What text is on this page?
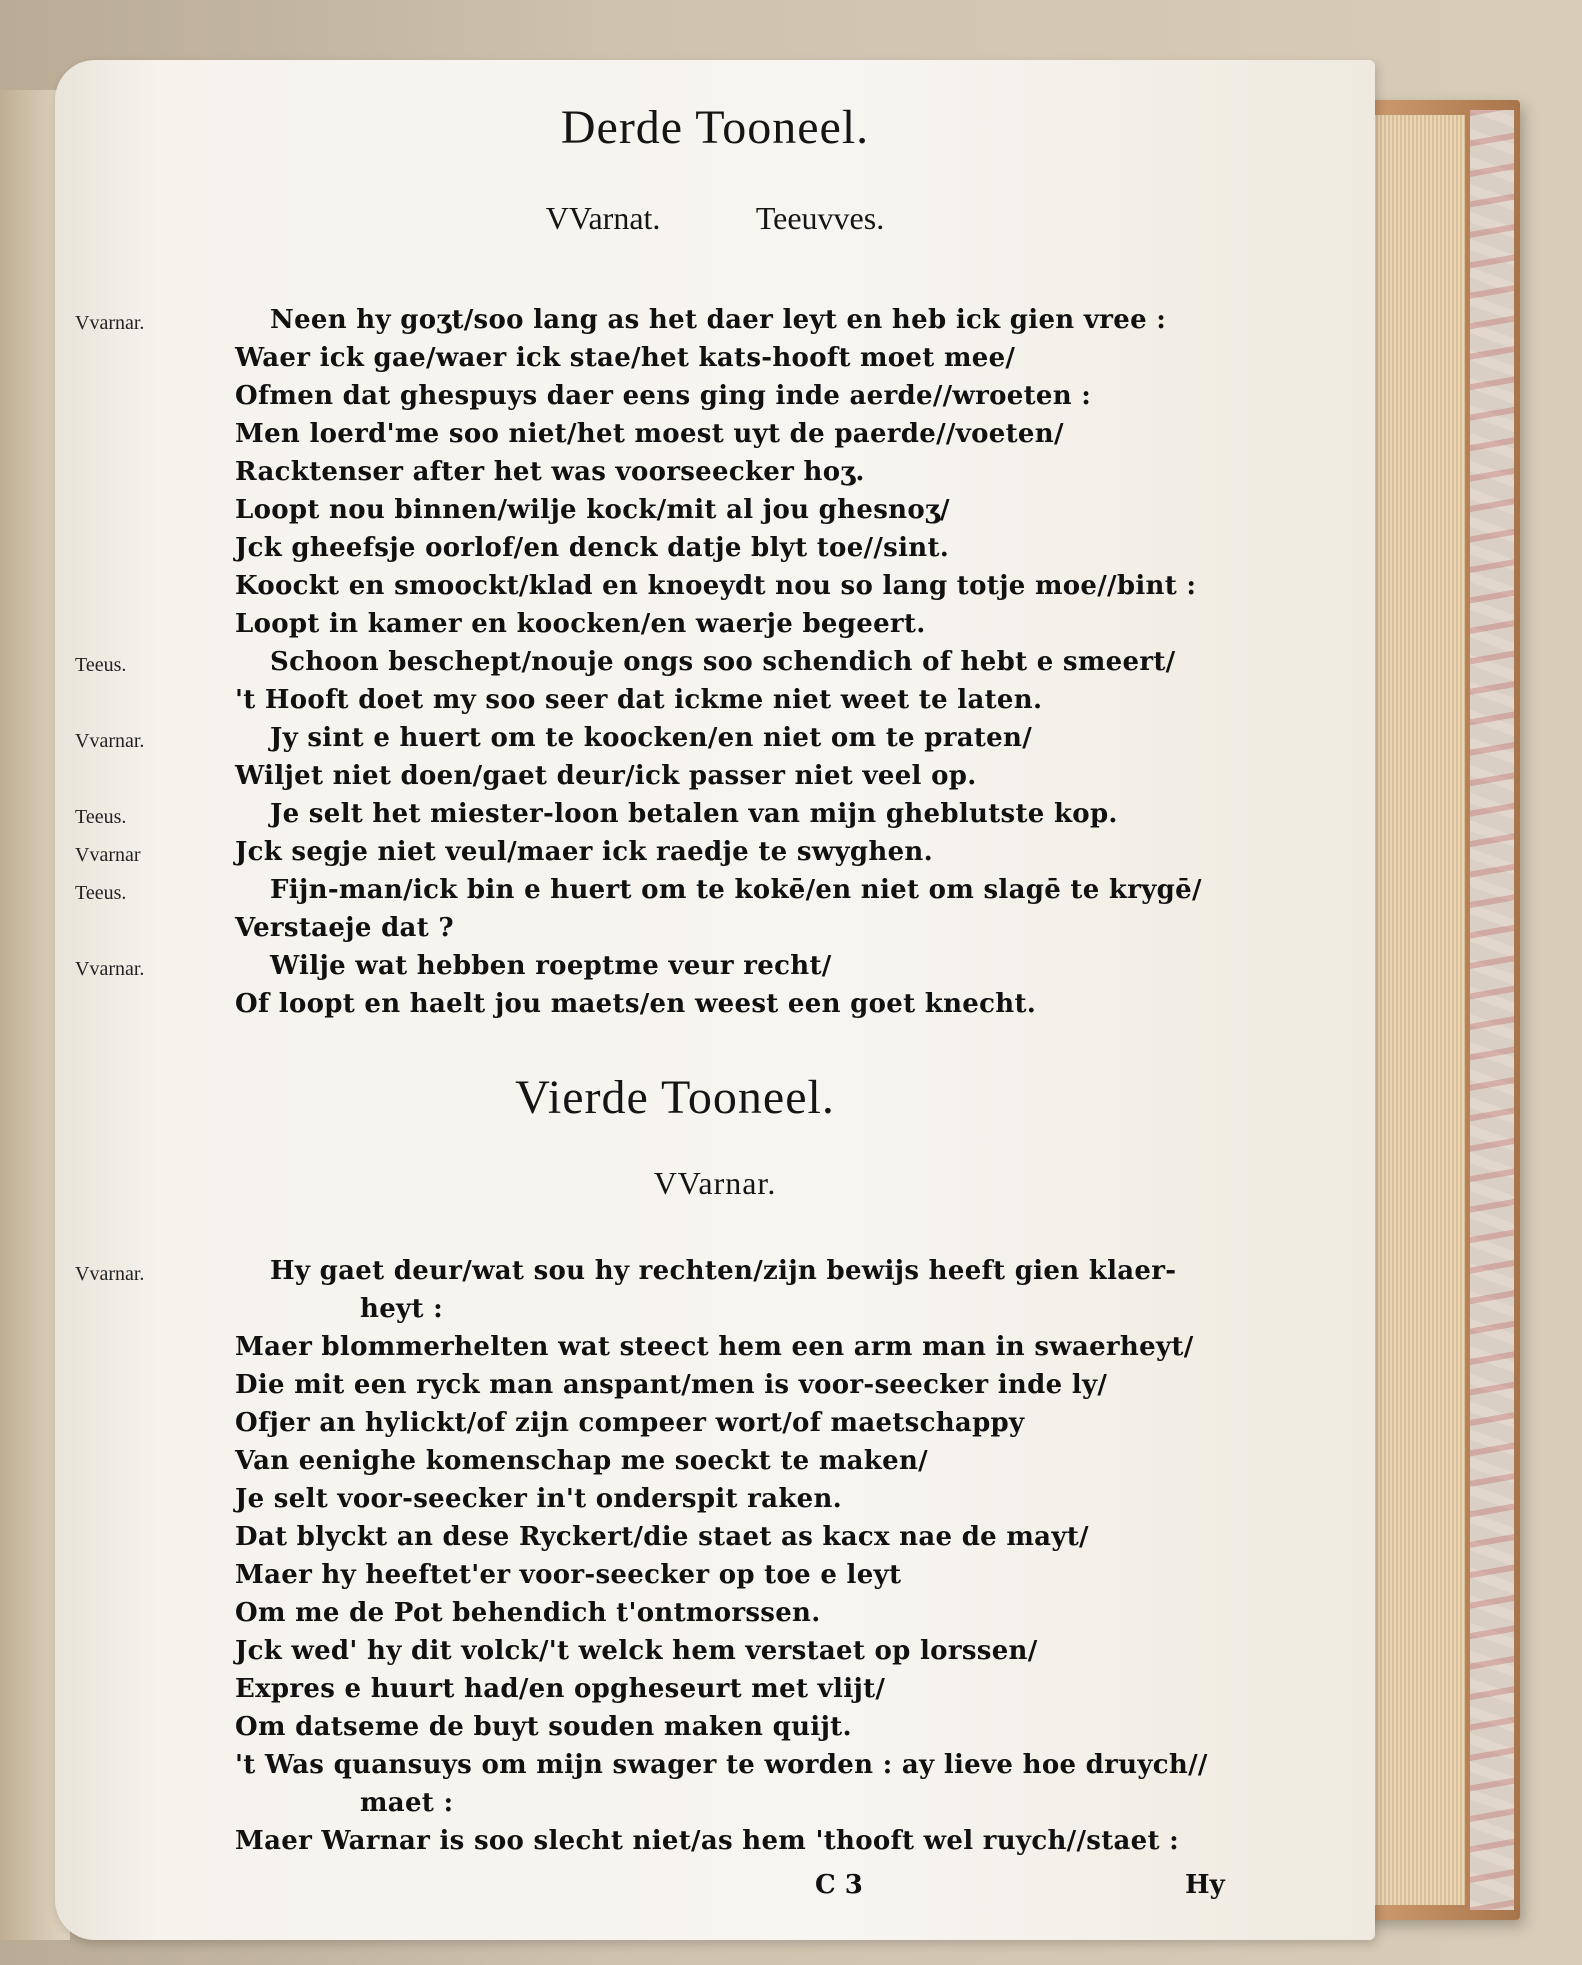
Derde Tooneel.
VVarnat.	Teeuvves.
Vvarnar.	Neen hy goʒt/soo lang as het daer leyt en heb ick gien vree :
Waer ick gae/waer ick stae/het kats-hooft moet mee/
Ofmen dat ghespuys daer eens ging inde aerde//wroeten :
Men loerd'me soo niet/het moest uyt de paerde//voeten/
Racktenser after het was voorseecker hoʒ.
Loopt nou binnen/wilje kock/mit al jou ghesnoʒ/
Jck gheefsje oorlof/en denck datje blyt toe//sint.
Koockt en smoockt/klad en knoeydt nou so lang totje moe//bint :
Loopt in kamer en koocken/en waerje begeert.
Teeus.	Schoon beschept/nouje ongs soo schendich of hebt e smeert/
't Hooft doet my soo seer dat ickme niet weet te laten.
Vvarnar.	Jy sint e huert om te koocken/en niet om te praten/
Wiljet niet doen/gaet deur/ick passer niet veel op.
Teeus.	Je selt het miester-loon betalen van mijn gheblutste kop.
Vvarnar	Jck segje niet veul/maer ick raedje te swyghen.
Teeus.	Fijn-man/ick bin e huert om te kokē/en niet om slagē te krygē/
Verstaeje dat ?
Vvarnar.	Wilje wat hebben roeptme veur recht/
Of loopt en haelt jou maets/en weest een goet knecht.
Vierde Tooneel.
VVarnar.
Vvarnar.	Hy gaet deur/wat sou hy rechten/zijn bewijs heeft gien klaer-
heyt :
Maer blommerhelten wat steect hem een arm man in swaerheyt/
Die mit een ryck man anspant/men is voor-seecker inde ly/
Ofjer an hylickt/of zijn compeer wort/of maetschappy
Van eenighe komenschap me soeckt te maken/
Je selt voor-seecker in't onderspit raken.
Dat blyckt an dese Ryckert/die staet as kacx nae de mayt/
Maer hy heeftet'er voor-seecker op toe e leyt
Om me de Pot behendich t'ontmorssen.
Jck wed' hy dit volck/'t welck hem verstaet op lorssen/
Expres e huurt had/en opgheseurt met vlijt/
Om datseme de buyt souden maken quijt.
't Was quansuys om mijn swager te worden : ay lieve hoe druych//
maet :
Maer Warnar is soo slecht niet/as hem 'thooft wel ruych//staet :
C 3	Hy
